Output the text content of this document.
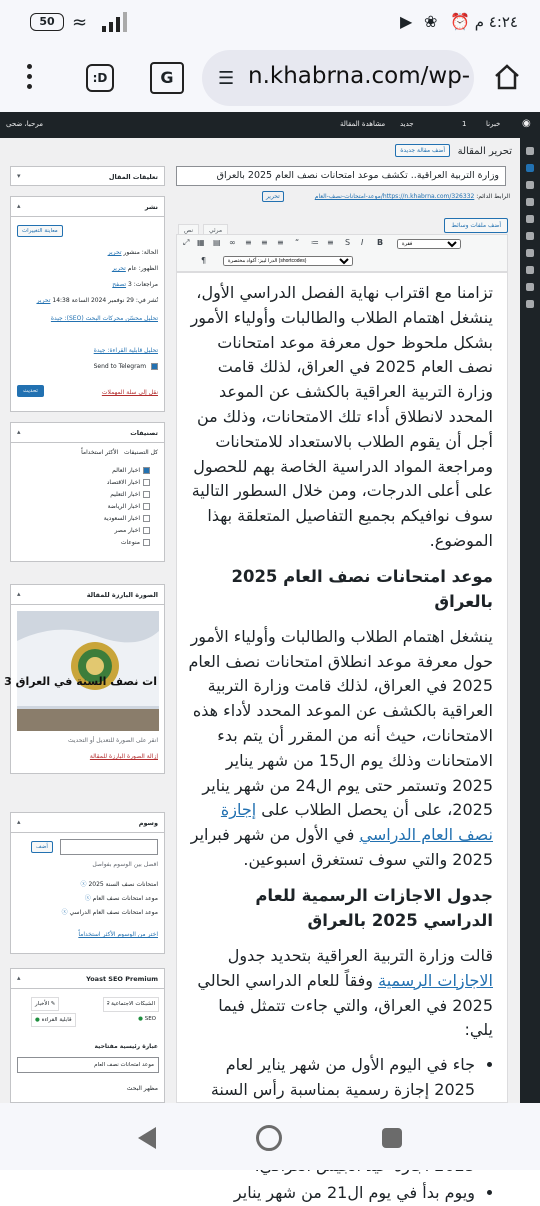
50 ≈	▶ ❀ ⏰ ٤:٢٤ م
:D	G	☰ n.khabrna.com/wp-
مرحبا، ضحى	مشاهدة المقالة جديد	1	خبرنا ◉
تحرير المقالة
أضف مقالة جديدة
وزارة التربية العراقية.. تكشف موعد امتحانات نصف العام 2025 بالعراق
الرابط الدائم: https://n.khabrna.com/326332/موعد-امتحانات-نصف-العام
تحرير
أضف ملفات وسائط
نص	مرئي
⤢ ▦ ▤ ∞ ≡ ≡ ≡ “ ≔ ≡ S I B
فقرة
الدرا ليبز: أكواد مختصرة (shortcodes)
¶

تزامنا مع اقتراب نهاية الفصل الدراسي الأول، ينشغل اهتمام الطلاب والطالبات وأولياء الأمور بشكل ملحوظ حول معرفة موعد امتحانات نصف العام 2025 في العراق، لذلك قامت وزارة التربية العراقية بالكشف عن الموعد المحدد لانطلاق أداء تلك الامتحانات، وذلك من أجل أن يقوم الطلاب بالاستعداد للامتحانات ومراجعة المواد الدراسية الخاصة بهم للحصول على أعلى الدرجات، ومن خلال السطور التالية سوف نوافيكم بجميع التفاصيل المتعلقة بهذا الموضوع.

موعد امتحانات نصف العام 2025 بالعراق

ينشغل اهتمام الطلاب والطالبات وأولياء الأمور حول معرفة موعد انطلاق امتحانات نصف العام 2025 في العراق، لذلك قامت وزارة التربية العراقية بالكشف عن الموعد المحدد لأداء هذه الامتحانات، حيث أنه من المقرر أن يتم بدء الامتحانات وذلك يوم ال15 من شهر يناير 2025 وتستمر حتى يوم ال24 من شهر يناير 2025، على أن يحصل الطلاب على إجازة نصف العام الدراسي في الأول من شهر فبراير 2025 والتي سوف تستغرق اسبوعين.

جدول الاجازات الرسمية للعام الدراسي 2025 بالعراق

قالت وزارة التربية العراقية بتحديد جدول الاجازات الرسمية وفقاً للعام الدراسي الحالي 2025 في العراق، والتي جاءت تتمثل فيما يلي:

• جاء في اليوم الأول من شهر يناير لعام 2025 إجازة رسمية بمناسبة رأس السنة
•
• ويوم بدأ في يوم ال21 من شهر يناير
تعليقات المقال
▾
نشر
▴
معاينة التغييرات
الحالة: منشور تحرير
الظهور: عام تحرير
مراجعات: 3 تصفح
نُشر في: 29 نوفمبر 2024 الساعة 14:38 تحرير
تحليل محسّن محركات البحث (SEO): جيدة
تحليل قابلية القراءة: جيدة
Send to Telegram
تحديث	نقل إلى سلة المهملات
تصنيفات
▴
كل التصنيفات   الأكثر استخداماً
اخبار العالم
اخبار الاقتصاد
اخبار التعليم
اخبار الرياضة
اخبار السعودية
اخبار مصر
منوعات
الصورة البارزة للمقالة
▴
ات نصف السنة في العراق 3
انقر على الصورة للتعديل أو التحديث
إزالة الصورة البارزة للمقالة
وسوم
▴
أضف
افصل بين الوسوم بفواصل
امتحانات نصف السنة 2025 ⓧ
موعد امتحانات نصف العام ⓧ
موعد امتحانات نصف العام الدراسي ⓧ
اختر من الوسوم الأكثر استخداماً
Yoast SEO Premium
▴
⫂ الشبكات الاجتماعية
الأخبار ✎
● SEO
● قابلية القراءة
عبارة رئيسية مفتاحية
موعد امتحانات نصف العام
مظهر البحث
